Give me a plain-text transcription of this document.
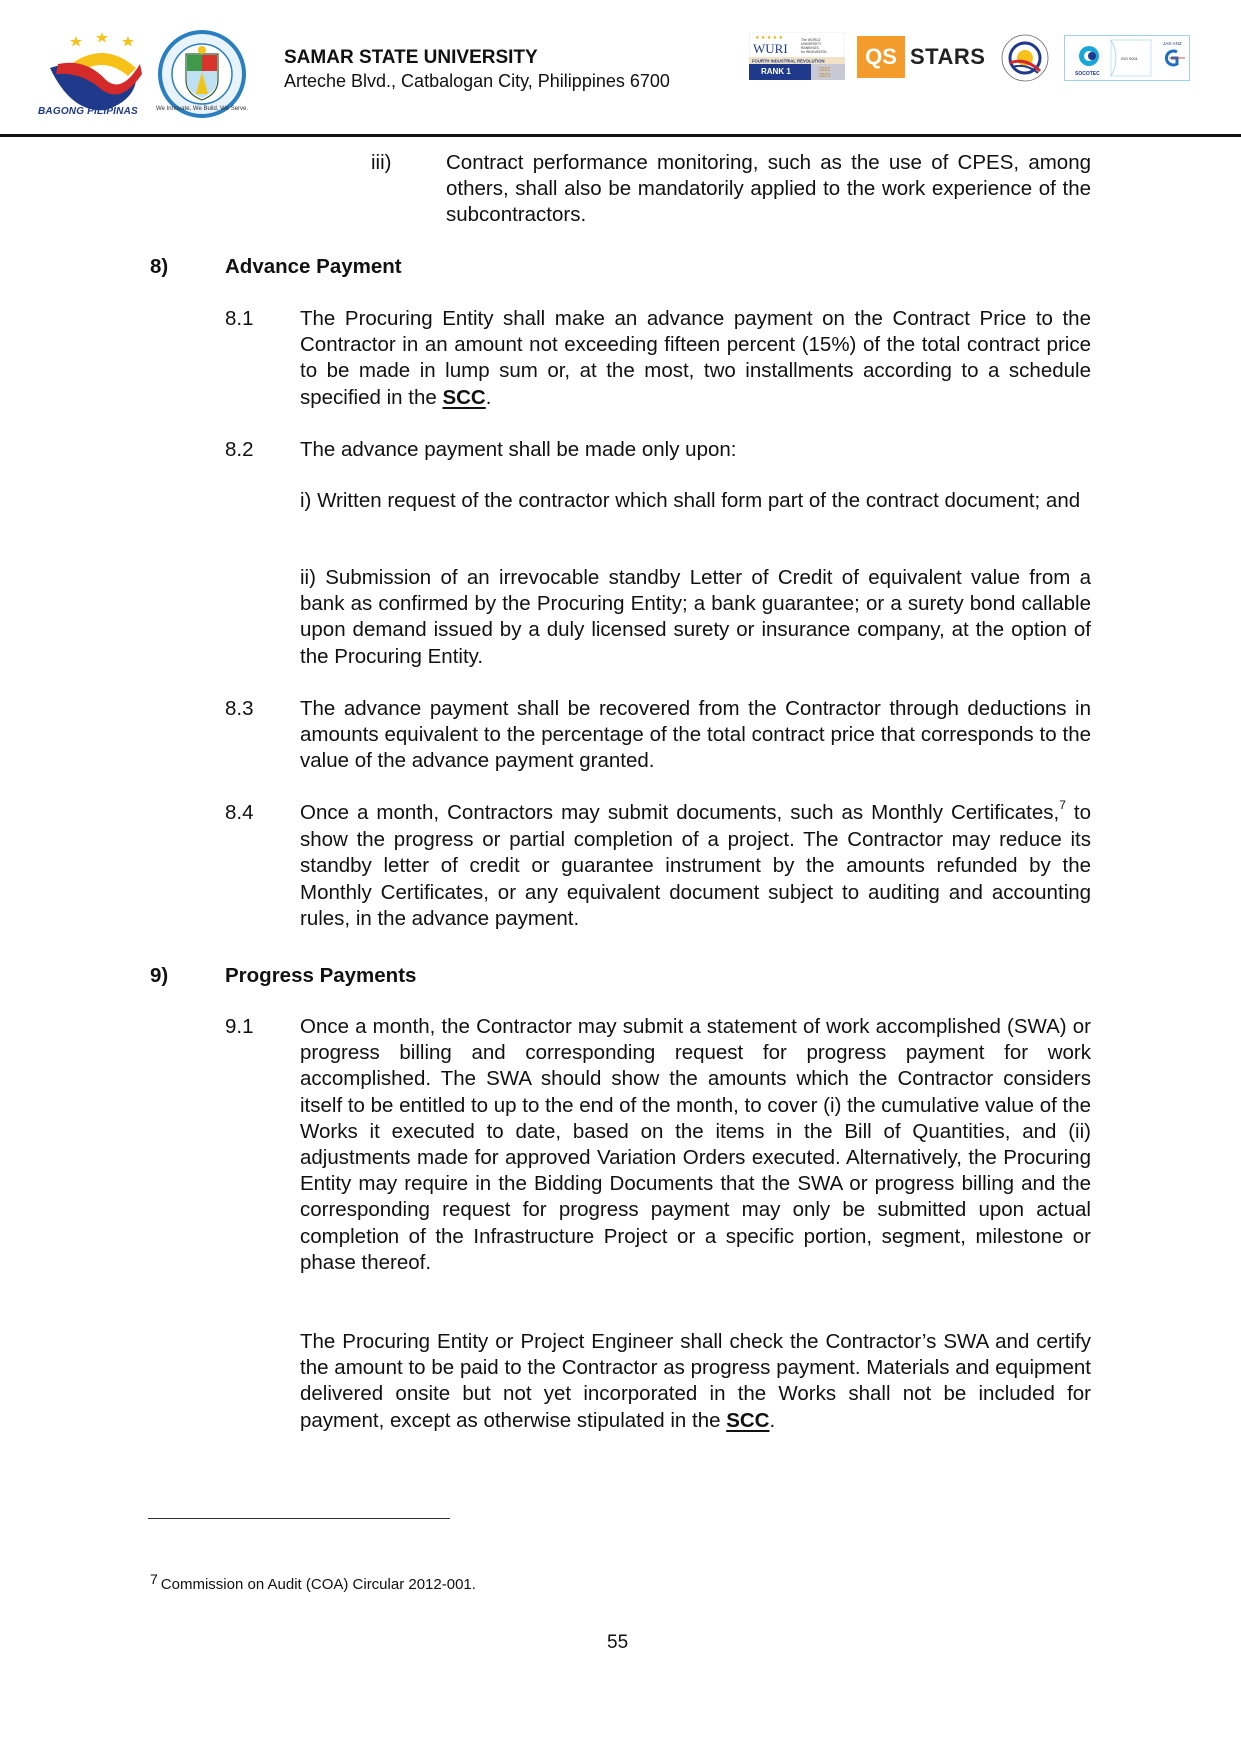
BAGONG PILIPINAS	We Innovate, We Build, We Serve.
SAMAR STATE UNIVERSITY
Arteche Blvd., Catbalogan City, Philippines 6700
★ ★ ★ ★ ★
WURI
The WORLD
UNIVERSITY
RANKINGS
for INNOVATION
FOURTH INDUSTRIAL REVOLUTION
RANK 1	2022
2023
QS STARS
SOCOTEC
ISO 9001
JAS-ANZ
iii)	Contract performance monitoring, such as the use of CPES, among others, shall also be mandatorily applied to the work experience of the subcontractors.
8)	Advance Payment
8.1 The Procuring Entity shall make an advance payment on the Contract Price to the Contractor in an amount not exceeding fifteen percent (15%) of the total contract price to be made in lump sum or, at the most, two installments according to a schedule specified in the SCC.
8.2 The advance payment shall be made only upon:
i) Written request of the contractor which shall form part of the contract document; and
ii) Submission of an irrevocable standby Letter of Credit of equivalent value from a bank as confirmed by the Procuring Entity; a bank guarantee; or a surety bond callable upon demand issued by a duly licensed surety or insurance company, at the option of the Procuring Entity.
8.3 The advance payment shall be recovered from the Contractor through deductions in amounts equivalent to the percentage of the total contract price that corresponds to the value of the advance payment granted.
8.4 Once a month, Contractors may submit documents, such as Monthly Certificates,$^7$ to show the progress or partial completion of a project. The Contractor may reduce its standby letter of credit or guarantee instrument by the amounts refunded by the Monthly Certificates, or any equivalent document subject to auditing and accounting rules, in the advance payment.
9)	Progress Payments
9.1 Once a month, the Contractor may submit a statement of work accomplished (SWA) or progress billing and corresponding request for progress payment for work accomplished. The SWA should show the amounts which the Contractor considers itself to be entitled to up to the end of the month, to cover (i) the cumulative value of the Works it executed to date, based on the items in the Bill of Quantities, and (ii) adjustments made for approved Variation Orders executed. Alternatively, the Procuring Entity may require in the Bidding Documents that the SWA or progress billing and the corresponding request for progress payment may only be submitted upon actual completion of the Infrastructure Project or a specific portion, segment, milestone or phase thereof.
The Procuring Entity or Project Engineer shall check the Contractor’s SWA and certify the amount to be paid to the Contractor as progress payment. Materials and equipment delivered onsite but not yet incorporated in the Works shall not be included for payment, except as otherwise stipulated in the SCC.
7 Commission on Audit (COA) Circular 2012-001.
55
